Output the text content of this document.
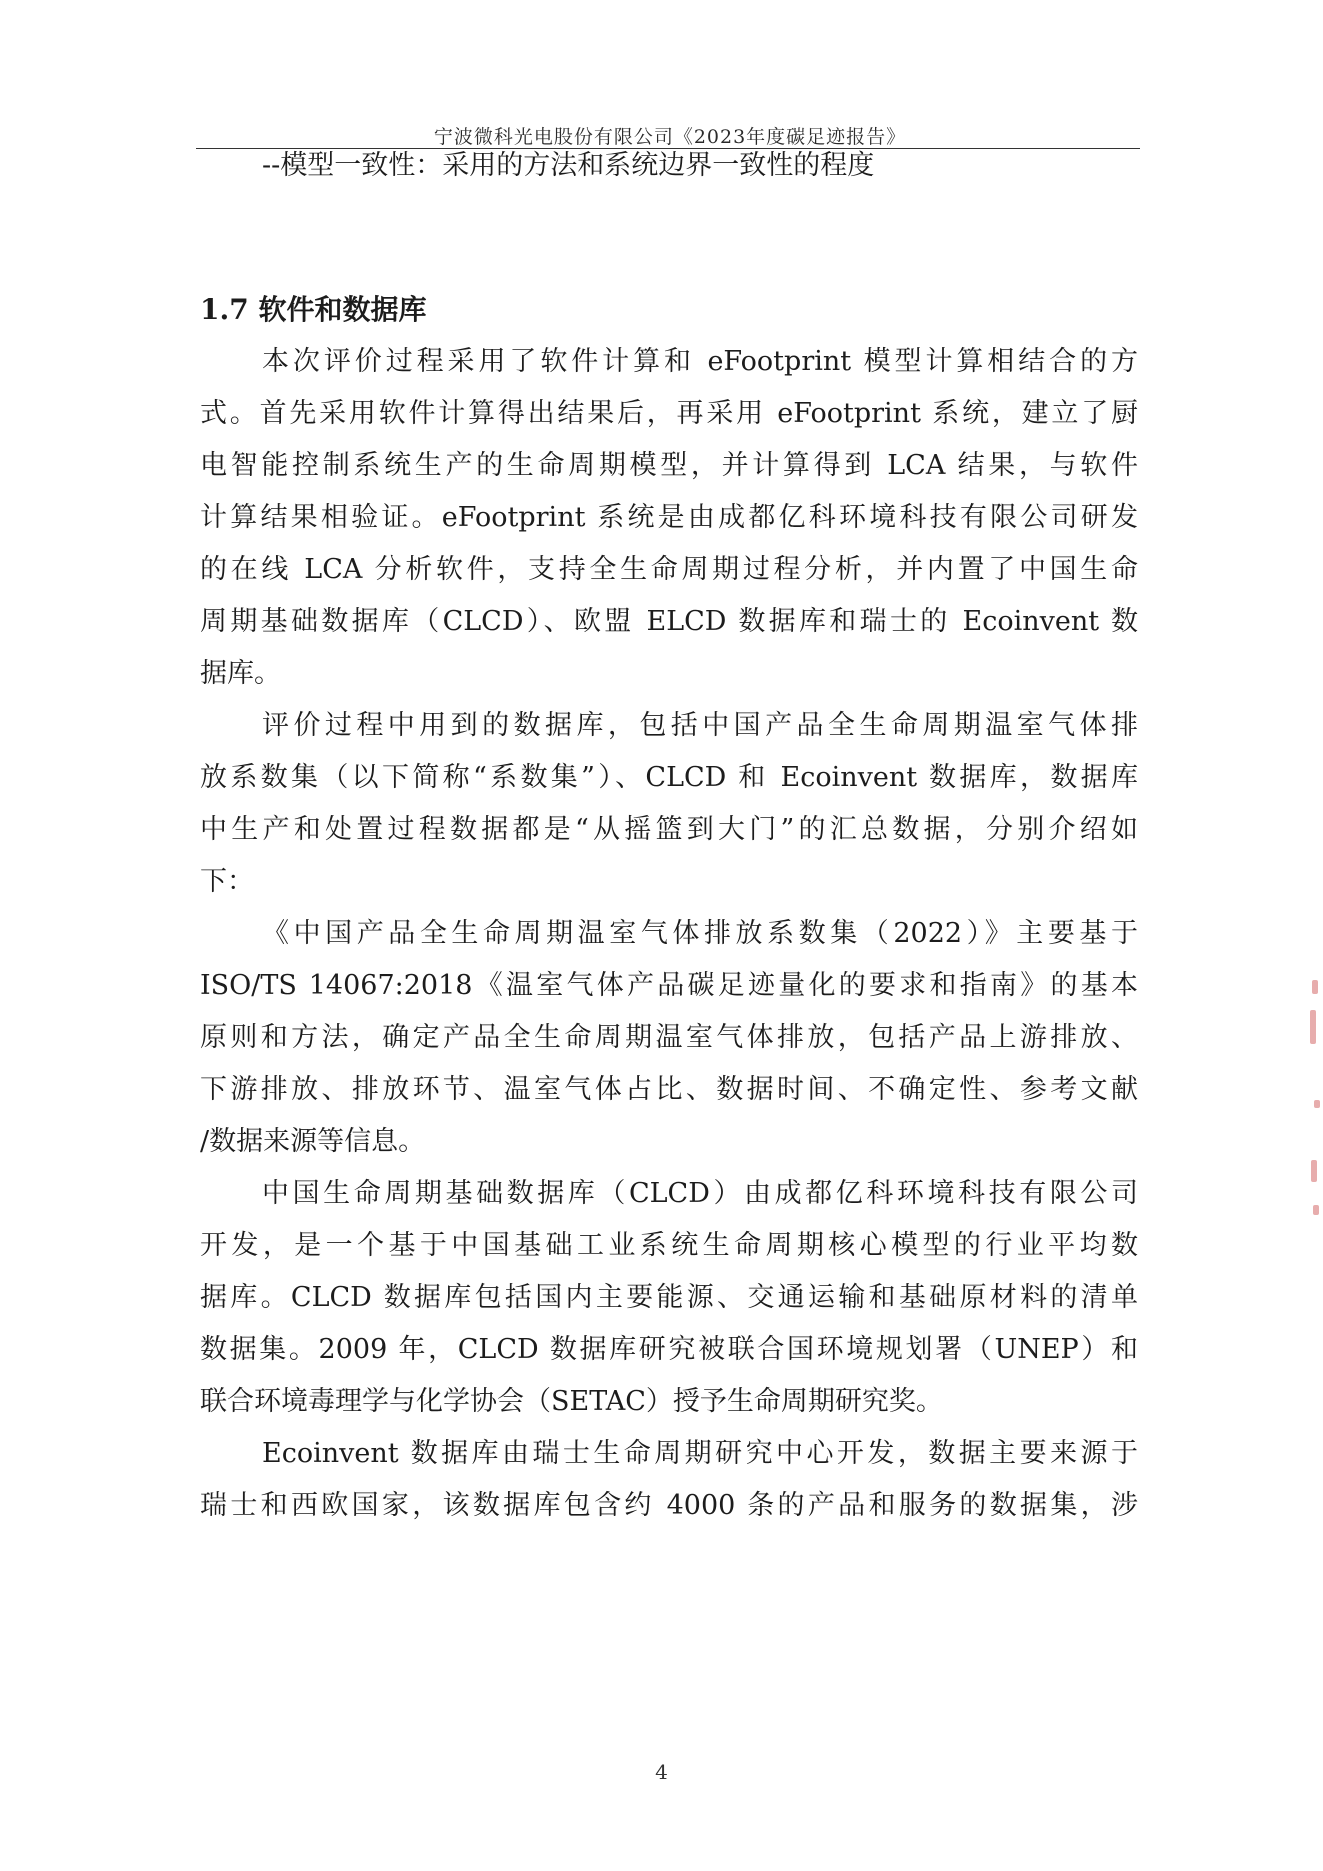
宁波微科光电股份有限公司《2023年度碳足迹报告》
--模型一致性：采用的方法和系统边界一致性的程度
1.7 软件和数据库
本次评价过程采用了软件计算和 eFootprint 模型计算相结合的方
式。首先采用软件计算得出结果后，再采用 eFootprint 系统，建立了厨
电智能控制系统生产的生命周期模型，并计算得到 LCA 结果，与软件
计算结果相验证。eFootprint 系统是由成都亿科环境科技有限公司研发
的在线 LCA 分析软件，支持全生命周期过程分析，并内置了中国生命
周期基础数据库（CLCD）、欧盟 ELCD 数据库和瑞士的 Ecoinvent 数
据库。
评价过程中用到的数据库，包括中国产品全生命周期温室气体排
放系数集（以下简称“系数集”）、CLCD 和 Ecoinvent 数据库，数据库
中生产和处置过程数据都是“从摇篮到大门”的汇总数据，分别介绍如
下：
《中国产品全生命周期温室气体排放系数集（2022）》主要基于
ISO/TS 14067:2018《温室气体产品碳足迹量化的要求和指南》的基本
原则和方法，确定产品全生命周期温室气体排放，包括产品上游排放、
下游排放、排放环节、温室气体占比、数据时间、不确定性、参考文献
/数据来源等信息。
中国生命周期基础数据库（CLCD）由成都亿科环境科技有限公司
开发，是一个基于中国基础工业系统生命周期核心模型的行业平均数
据库。CLCD 数据库包括国内主要能源、交通运输和基础原材料的清单
数据集。2009 年，CLCD 数据库研究被联合国环境规划署（UNEP）和
联合环境毒理学与化学协会（SETAC）授予生命周期研究奖。
Ecoinvent 数据库由瑞士生命周期研究中心开发，数据主要来源于
瑞士和西欧国家，该数据库包含约 4000 条的产品和服务的数据集，涉
4
